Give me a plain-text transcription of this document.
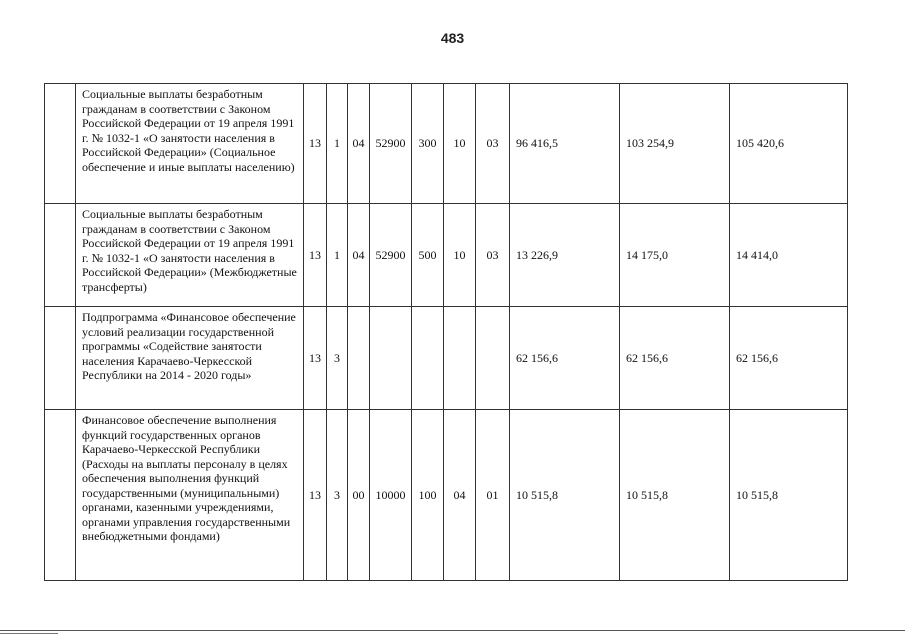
483
	Социальные выплаты безработным гражданам в соответствии с Законом Российской Федерации от 19 апреля 1991 г. № 1032-1 «О занятости населения в Российской Федерации» (Социальное обеспечение и иные выплаты населению)	13	1	04	52900	300	10	03	96 416,5	103 254,9	105 420,6
	Социальные выплаты безработным гражданам в соответствии с Законом Российской Федерации от 19 апреля 1991 г. № 1032-1 «О занятости населения в Российской Федерации» (Межбюджетные трансферты)	13	1	04	52900	500	10	03	13 226,9	14 175,0	14 414,0
	Подпрограмма «Финансовое обеспечение условий реализации государственной программы «Содействие занятости населения Карачаево-Черкесской Республики на 2014 - 2020 годы»	13	3						62 156,6	62 156,6	62 156,6
	Финансовое обеспечение выполнения функций государственных органов Карачаево-Черкесской Республики (Расходы на выплаты персоналу в целях обеспечения выполнения функций государственными (муниципальными) органами, казенными учреждениями, органами управления государственными внебюджетными фондами)	13	3	00	10000	100	04	01	10 515,8	10 515,8	10 515,8
